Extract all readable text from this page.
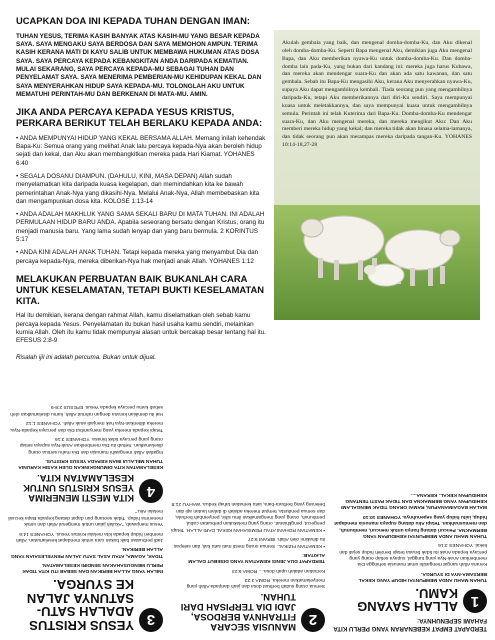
UCAPKAN DOA INI KEPADA TUHAN DENGAN IMAN:

TUHAN YESUS, TERIMA KASIH BANYAK ATAS KASIH-MU YANG BESAR KEPADA SAYA. SAYA MENGAKU SAYA BERDOSA DAN SAYA MEMOHON AMPUN. TERIMA KASIH KERANA MATI DI KAYU SALIB UNTUK MEMBAWA HUKUMAN ATAS DOSA SAYA. SAYA PERCAYA KEPADA KEBANGKITAN ANDA DARIPADA KEMATIAN. MULAI SEKARANG, SAYA PERCAYA KEPADA-MU SEBAGAI TUHAN DAN PENYELAMAT SAYA. SAYA MENERIMA PEMBERIAN-MU KEHIDUPAN KEKAL DAN SAYA MENYERAHKAN HIDUP SAYA KEPADA-MU. TOLONGLAH AKU UNTUK MEMATUHI PERINTAH-MU DAN BERKENAN DI MATA-MU. AMIN.

JIKA ANDA PERCAYA KEPADA YESUS KRISTUS, PERKARA BERIKUT TELAH BERLAKU KEPADA ANDA:

• ANDA MEMPUNYAI HIDUP YANG KEKAL BERSAMA ALLAH. Memang inilah kehendak Bapa-Ku: Semua orang yang melihat Anak lalu percaya kepada-Nya akan beroleh hidup sejati dan kekal, dan Aku akan membangkitkan mereka pada Hari Kiamat. YOHANES 6:40

• SEGALA DOSANU DIAMPUN. (DAHULU, KINI, MASA DEPAN) Allah sudah menyelamatkan kita daripada kuasa kegelapan, dan memindahkan kita ke bawah pemerintahan Anak-Nya yang dikasihi-Nya. Melalui Anak-Nya, Allah membebaskan kita dan mengampunkan dosa kita. KOLOSE 1:13-14

• ANDA ADALAH MAKHLUK YANG SAMA SEKALI BARU DI MATA TUHAN. INI ADALAH PERMULAAN HIDUP BARU ANDA. Apabila seseorang bersatu dengan Kristus, orang itu menjadi manusia baru. Yang lama sudah lenyap dan yang baru bermula. 2 KORINTUS 5:17

• ANDA KINI ADALAH ANAK TUHAN. Tetapi kepada mereka yang menyambut Dia dan percaya kepada-Nya, mereka diberikan-Nya hak menjadi anak Allah. YOHANES 1:12

MELAKUKAN PERBUATAN BAIK BUKANLAH CARA UNTUK KESELAMATAN, TETAPI BUKTI KESELAMATAN KITA.

Hal itu demikian, kerana dengan rahmat Allah, kamu diselamatkan oleh sebab kamu percaya kepada Yesus. Penyelamatan itu bukan hasil usaha kamu sendiri, melainkan kurnia Allah. Oleh itu kamu tidak mempunyai alasan untuk bercakap besar tentang hal itu. EFESUS 2:8-9

Risalah ijil ini adalah percuma. Bukan untuk dijual.

Akulah gembala yang baik, dan mengenal domba-domba-Ku, dan Aku dikenal oleh domba-domba-Ku. Seperti Bapa mengenal Aku, demikian juga Aku mengenal Bapa, dan Aku memberikan nyawa-Ku untuk domba-domba-Ku. Dan domba-domba lain pada-Ku, yang bukan dari kandang ini: mereka juga harus Kubawa, dan mereka akan mendengar suara-Ku dan akan ada satu kawanan, dan satu gembala. Sebab itu Bapa-Ku mengasihi Aku, kerana Aku menyerahkan nyawa-Ku, supaya Aku dapat mengambilnya kembali. Tiada seorang pun yang mengambilnya daripada-Ku, tetapi Aku memberikannya dari diri-Ku sendiri. Saya mempunyai kuasa untuk meletakkannya, dan saya mempunyai kuasa untuk mengambilnya semula. Perintah ini telah Kuterima dari Bapa-Ku. Domba-domba-Ku mendengar suara-Ku, dan Aku mengenal mereka, dan mereka mengikut Aku: Dan Aku memberi mereka hidup yang kekal; dan mereka tidak akan binasa selama-lamanya, dan tidak seorang pun akan merampas mereka daripada tangan-Ku. YOHANES 10:14-18,27-28

TERDAPAT EMPAT KEBENARAN YANG PERLU KITA FAHAMI SEPENUHNYA:

1

ALLAH SAYANG KAMU.

TUHAN MAHU ANDA MEMPUNYAI HIDUP YANG KEKAL BERSAMA-NYA DI SYURGA.

Kerana Allah sangat mengasihi umat manusia sehingga Dia memberikan Anak-Nya yang tunggal, supaya setiap orang yang percaya kepada Anak itu tidak binasa tetapi beroleh hidup sejati dan kekal. YOHANES 3:16

TUHAN MAHU ANDA MEMPUNYAI KEHIDUPAN YANG BERMAKNA. Pencuri datang hanya untuk mencuri, membunuh, dan memusnahkan. Tetapi Aku datang supaya manusia mendapat hidup, iaitu hidup yang sepenuhnya. YOHANES 10:10

MALAH BAGAIMANAPUN, RAMAI ORANG TIDAK MENGALAMI KEHIDUPAN YANG BERMAKNA DAN TIDAK PASTI TENTANG KEHIDUPAN KEKAL. KERANA....

2

MANUSIA SECARA FITRAHNYA BERDOSA, JADI DIA TERPISAH DARI TUHAN.

Semua orang sudah berbuat dosa dan jauh daripada Allah yang menyelamatkan mereka. ROMA 3:23

Kematian adalah upah dosa.... ROMA 6:23

TERDAPAT DUA JENIS KEMATIAN YANG DISEBUT DALAM ALKITAB:

• KEMATIAN FIZIKAL. Semua orang mesti mati satu kali, dan selepas itu dihakimi oleh Allah. IBRANI 9:27

• KEMATIAN ROHANI ATAU PEMISAHAN KEKAL DARI ALLAH. Tetapi pengecut, pengkhianat, orang yang melakukan perbuatan cabul, pembunuh, orang yang mengamalkan ilmu sihir, penyembah berhala, dan semua pendusta, tempat mereka adalah di dalam lautan api dan belerang yang berbara-bara, iaitu kematian tahap kedua. WAHYU 21:8

3

YESUS KRISTUS ADALAH SATU-SATUNYA JALAN KE SYURGA.

INILAH YANG ALLAH BERIKAN DAN SEBAB ITU KITA TIDAK PERLU MENGUSAHAKAN SENDIRI KESELAMATAN.

TIDAK, AGAMA, ATAU ASAL SATU JALAN PENYELESAIAN YANG ALLAH BERIKAN.

Jadi perbuatan baik bukan cara untuk mendapat keselamatan. Allah memberi hidup kepada kita melalui Kristus Yesus. YOHANES 14:6

Yesus menjawab, "Akulah jalan untuk mengenal Allah dan untuk menerima hidup. Tidak seorang pun dapat datang kepada Bapa kecuali melalui Aku."

4

KITA MESTI MENERIMA YESUS KRISTUS UNTUK KESELAMATAN KITA.

KESELAMATAN KITA DIMUNGKINKAN OLEH KASIH KARUNIA TUHAN MELALUI IMAN KEPADA YESUS KRISTUS.

Ingatlah Allah mengasihi manusia dan Dia mahu semua orang diselamatkan. Sebab itu Dia memberikan Anak-Nya supaya setiap orang yang percaya tidak binasa. YOHANES 3:16

Tetapi kepada mereka yang menyambut Dia dan percaya kepada-Nya, mereka diberikan-Nya hak menjadi anak Allah. YOHANES 1:12

Hal itu demikian kerana dengan rahmat Allah, kamu diselamatkan oleh sebab kamu percaya kepada Yesus. EFESUS 2:8-9
